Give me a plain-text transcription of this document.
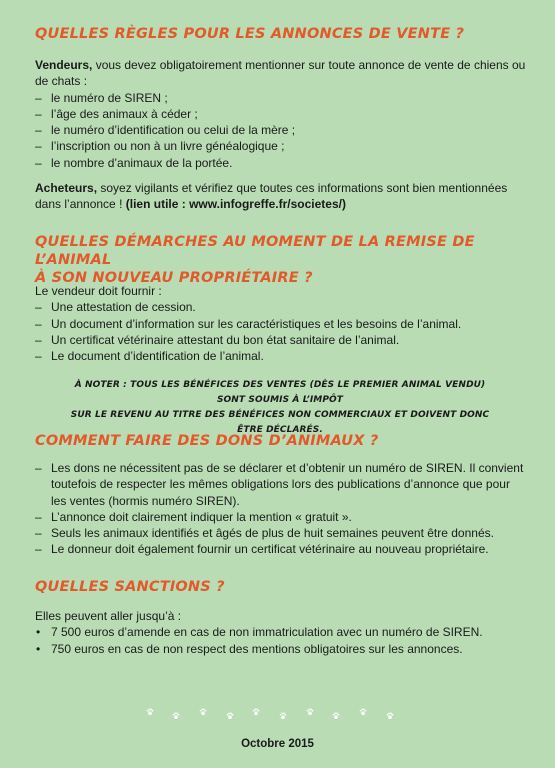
QUELLES RÈGLES POUR LES ANNONCES DE VENTE ?

Vendeurs, vous devez obligatoirement mentionner sur toute annonce de vente de chiens ou de chats :

– le numéro de SIREN ;
– l’âge des animaux à céder ;
– le numéro d’identification ou celui de la mère ;
– l’inscription ou non à un livre généalogique ;
– le nombre d’animaux de la portée.

Acheteurs, soyez vigilants et vérifiez que toutes ces informations sont bien mentionnées dans l’annonce ! (lien utile : www.infogreffe.fr/societes/)

QUELLES DÉMARCHES AU MOMENT DE LA REMISE DE L’ANIMAL
À SON NOUVEAU PROPRIÉTAIRE ?

Le vendeur doit fournir :

– Une attestation de cession.
– Un document d’information sur les caractéristiques et les besoins de l’animal.
– Un certificat vétérinaire attestant du bon état sanitaire de l’animal.
– Le document d’identification de l’animal.
À NOTER : TOUS LES BÉNÉFICES DES VENTES (DÈS LE PREMIER ANIMAL VENDU) SONT SOUMIS À L’IMPÔT
SUR LE REVENU AU TITRE DES BÉNÉFICES NON COMMERCIAUX ET DOIVENT DONC ÊTRE DÉCLARÉS.
COMMENT FAIRE DES DONS D’ANIMAUX ?
– Les dons ne nécessitent pas de se déclarer et d’obtenir un numéro de SIREN. Il convient toutefois de respecter les mêmes obligations lors des publications d’annonce que pour les ventes (hormis numéro SIREN).
– L’annonce doit clairement indiquer la mention « gratuit ».
– Seuls les animaux identifiés et âgés de plus de huit semaines peuvent être donnés.
– Le donneur doit également fournir un certificat vétérinaire au nouveau propriétaire.
QUELLES SANCTIONS ?

Elles peuvent aller jusqu’à :

• 7 500 euros d’amende en cas de non immatriculation avec un numéro de SIREN.
• 750 euros en cas de non respect des mentions obligatoires sur les annonces.
Octobre 2015
